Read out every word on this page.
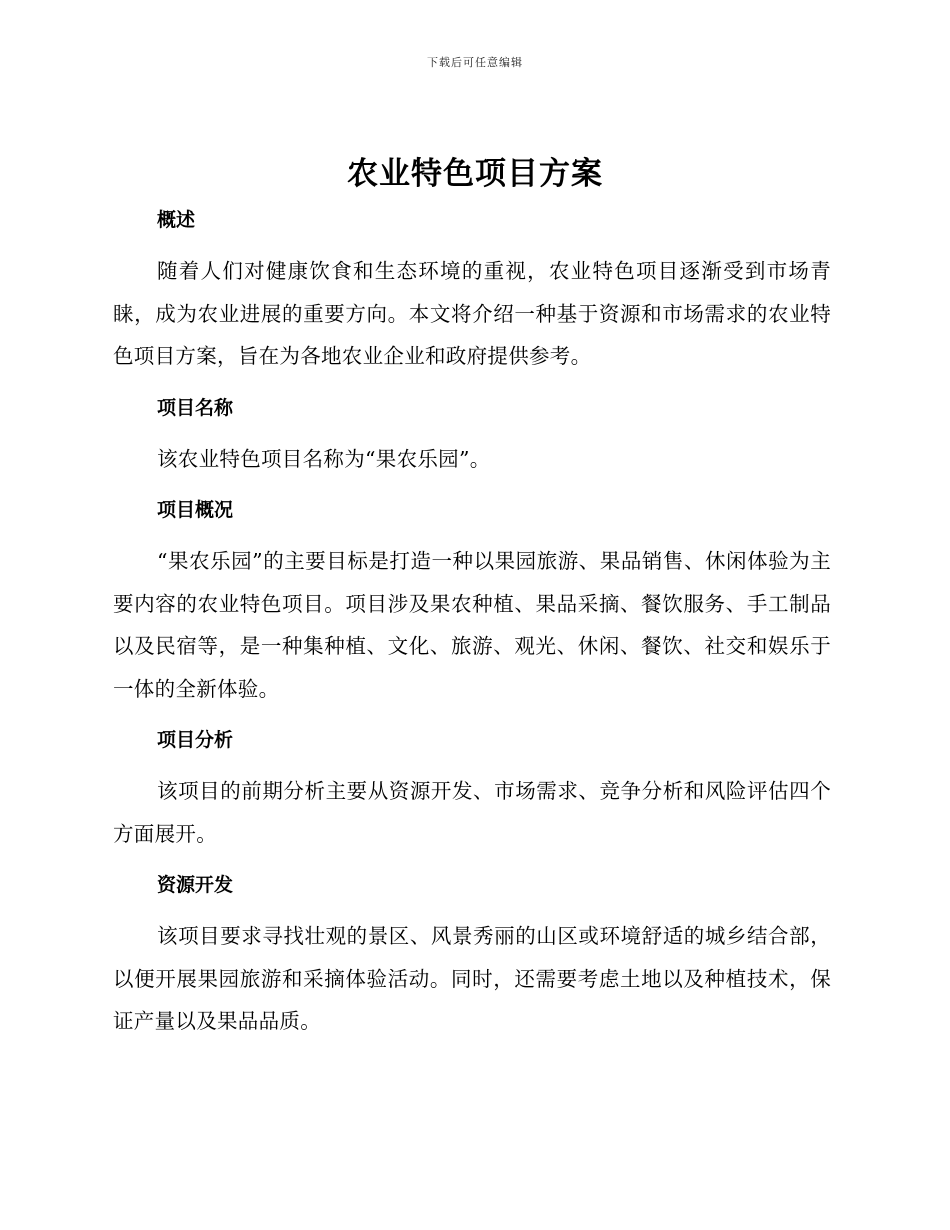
下载后可任意编辑
农业特色项目方案
概述

随着人们对健康饮食和生态环境的重视，农业特色项目逐渐受到市场青睐，成为农业进展的重要方向。本文将介绍一种基于资源和市场需求的农业特色项目方案，旨在为各地农业企业和政府提供参考。

项目名称

该农业特色项目名称为“果农乐园”。

项目概况

“果农乐园”的主要目标是打造一种以果园旅游、果品销售、休闲体验为主要内容的农业特色项目。项目涉及果农种植、果品采摘、餐饮服务、手工制品以及民宿等，是一种集种植、文化、旅游、观光、休闲、餐饮、社交和娱乐于一体的全新体验。

项目分析

该项目的前期分析主要从资源开发、市场需求、竞争分析和风险评估四个方面展开。

资源开发

该项目要求寻找壮观的景区、风景秀丽的山区或环境舒适的城乡结合部，以便开展果园旅游和采摘体验活动。同时，还需要考虑土地以及种植技术，保证产量以及果品品质。
